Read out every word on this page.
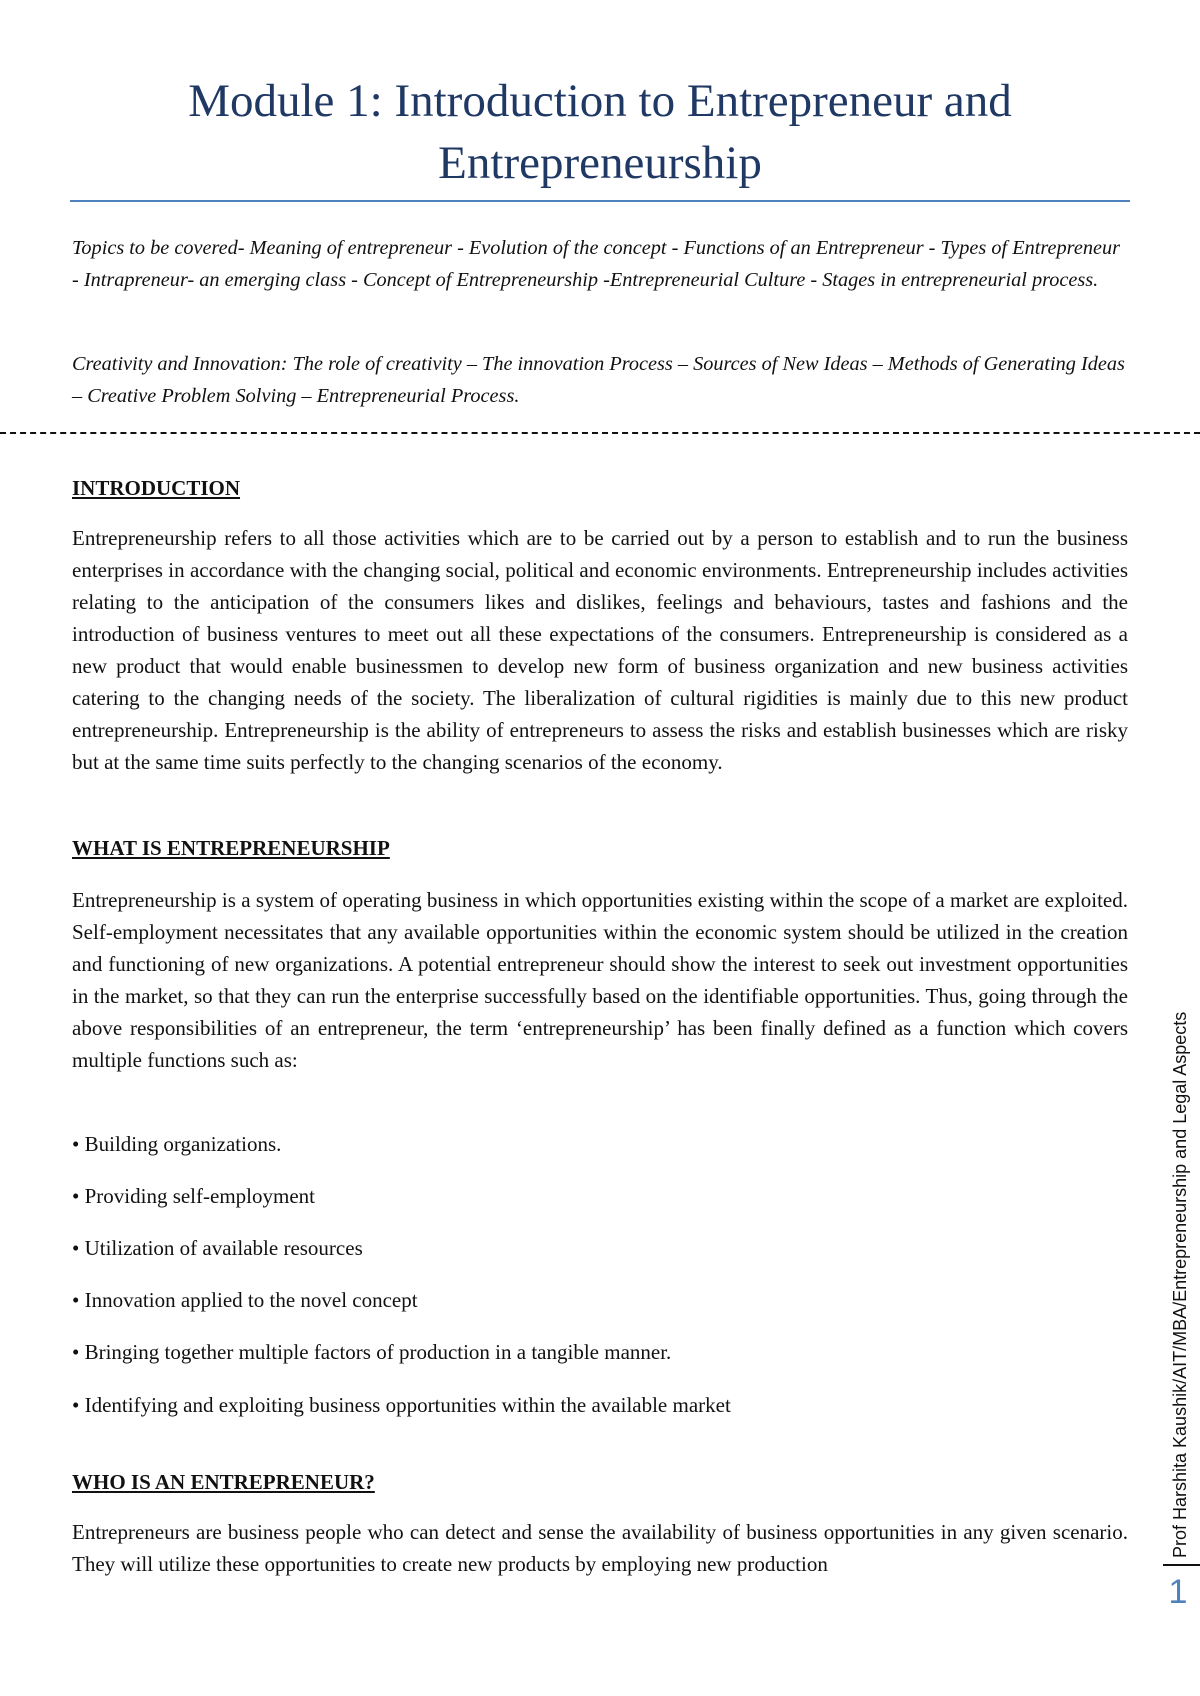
Module 1: Introduction to Entrepreneur and Entrepreneurship

Topics to be covered- Meaning of entrepreneur - Evolution of the concept - Functions of an Entrepreneur - Types of Entrepreneur - Intrapreneur- an emerging class - Concept of Entrepreneurship -Entrepreneurial Culture - Stages in entrepreneurial process.

Creativity and Innovation: The role of creativity – The innovation Process – Sources of New Ideas – Methods of Generating Ideas – Creative Problem Solving – Entrepreneurial Process.

INTRODUCTION

Entrepreneurship refers to all those activities which are to be carried out by a person to establish and to run the business enterprises in accordance with the changing social, political and economic environments. Entrepreneurship includes activities relating to the anticipation of the consumers likes and dislikes, feelings and behaviours, tastes and fashions and the introduction of business ventures to meet out all these expectations of the consumers. Entrepreneurship is considered as a new product that would enable businessmen to develop new form of business organization and new business activities catering to the changing needs of the society. The liberalization of cultural rigidities is mainly due to this new product entrepreneurship. Entrepreneurship is the ability of entrepreneurs to assess the risks and establish businesses which are risky but at the same time suits perfectly to the changing scenarios of the economy.

WHAT IS ENTREPRENEURSHIP

Entrepreneurship is a system of operating business in which opportunities existing within the scope of a market are exploited. Self-employment necessitates that any available opportunities within the economic system should be utilized in the creation and functioning of new organizations. A potential entrepreneur should show the interest to seek out investment opportunities in the market, so that they can run the enterprise successfully based on the identifiable opportunities. Thus, going through the above responsibilities of an entrepreneur, the term ‘entrepreneurship’ has been finally defined as a function which covers multiple functions such as:

• Building organizations.

• Providing self-employment

• Utilization of available resources

• Innovation applied to the novel concept

• Bringing together multiple factors of production in a tangible manner.

• Identifying and exploiting business opportunities within the available market

WHO IS AN ENTREPRENEUR?

Entrepreneurs are business people who can detect and sense the availability of business opportunities in any given scenario. They will utilize these opportunities to create new products by employing new production

Prof Harshita Kaushik/AIT/MBA/Entrepreneurship and Legal Aspects
1
